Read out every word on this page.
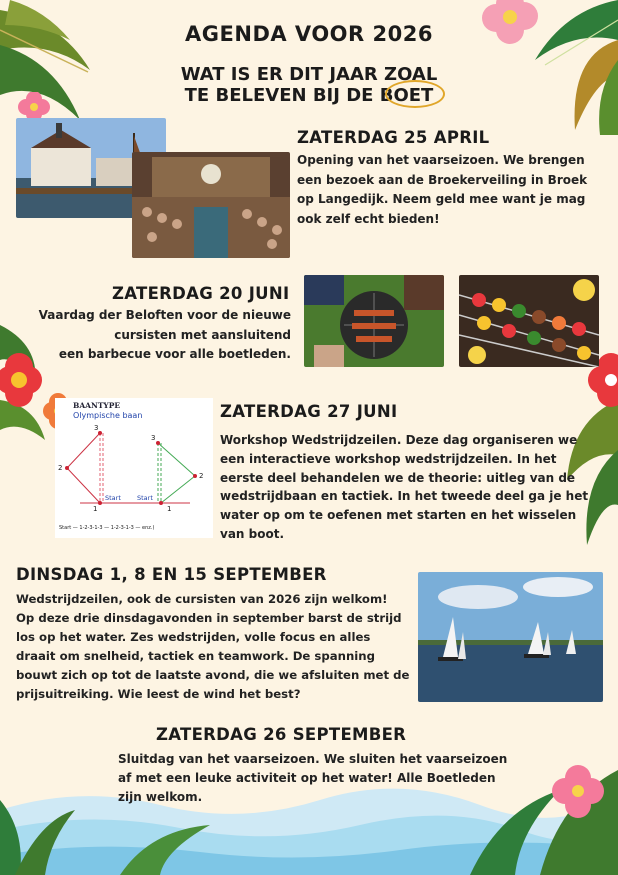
AGENDA VOOR 2026
WAT IS ER DIT JAAR ZOAL
TE BELEVEN BIJ DE BOET
ZATERDAG 25 APRIL
Opening van het vaarseizoen. We brengen
een bezoek aan de Broekerveiling in Broek
op Langedijk. Neem geld mee want je mag
ook zelf echt bieden!
ZATERDAG 20 JUNI
Vaardag der Beloften voor de nieuwe
cursisten met aansluitend
een barbecue voor alle boetleden.
BAANTYPE
Olympische baan
2
3
1
2
3
1
Start Start
Start — 1-2-3-1-3 — 1-2-3-1-3 — enz.)
ZATERDAG 27 JUNI
Workshop Wedstrijdzeilen. Deze dag organiseren we
een interactieve workshop wedstrijdzeilen. In het
eerste deel behandelen we de theorie: uitleg van de
wedstrijdbaan en tactiek. In het tweede deel ga je het
water op om te oefenen met starten en het wisselen
van boot.
DINSDAG 1, 8 EN 15 SEPTEMBER
Wedstrijdzeilen, ook de cursisten van 2026 zijn welkom!
Op deze drie dinsdagavonden in september barst de strijd
los op het water. Zes wedstrijden, volle focus en alles
draait om snelheid, tactiek en teamwork. De spanning
bouwt zich op tot de laatste avond, die we afsluiten met de
prijsuitreiking. Wie leest de wind het best?
ZATERDAG 26 SEPTEMBER
Sluitdag van het vaarseizoen. We sluiten het vaarseizoen
af met een leuke activiteit op het water! Alle Boetleden
zijn welkom.
